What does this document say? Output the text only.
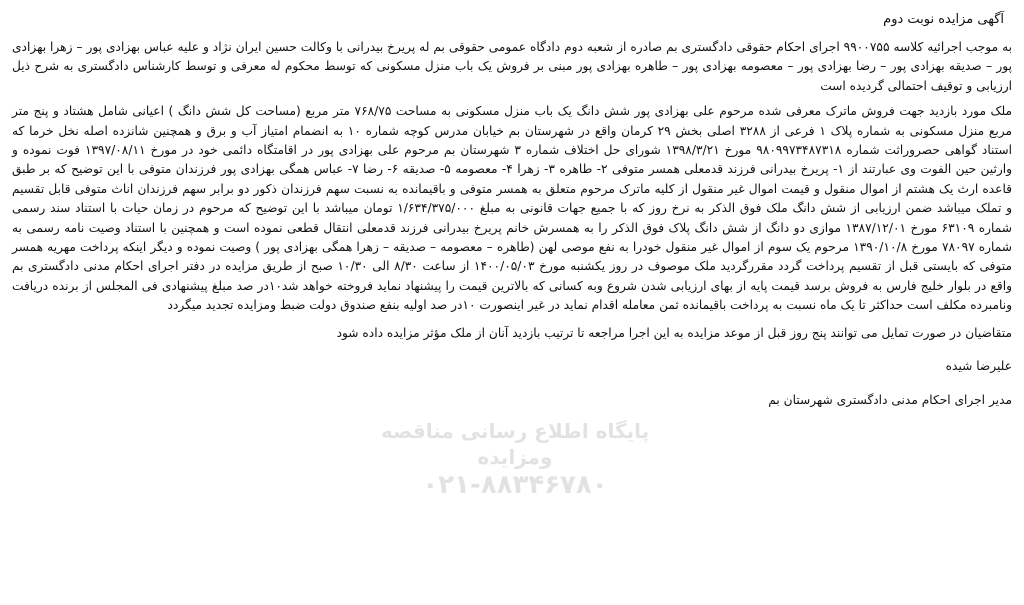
آگهی مزایده نوبت دوم

به موجب اجرائیه کلاسه ۹۹۰۰۷۵۵ اجرای احکام حقوقی دادگستری بم صادره از شعبه دوم دادگاه عمومی حقوقی بم له پریرخ بیدرانی با وکالت حسین ایران نژاد و علیه عباس بهزادی پور – زهرا بهزادی پور – صدیقه بهزادی پور – رضا بهزادی پور – معصومه بهزادی پور – طاهره بهزادی پور مبنی بر فروش یک باب منزل مسکونی که توسط محکوم له معرفی و توسط کارشناس دادگستری به شرح ذیل ارزیابی و توقیف احتمالی گردیده است

ملک مورد بازدید جهت فروش ماترک معرفی شده مرحوم علی بهزادی پور شش دانگ یک باب منزل مسکونی به مساحت ۷۶۸/۷۵ متر مربع (مساحت کل شش دانگ ) اعیانی شامل هشتاد و پنج متر مربع منزل مسکونی به شماره پلاک ۱ فرعی از ۳۲۸۸ اصلی بخش ۲۹ کرمان واقع در شهرستان بم خیابان مدرس کوچه شماره ۱۰ به انضمام امتیاز آب و برق و همچنین شانزده اصله نخل خرما که استناد گواهی حصروراثت شماره ۹۸۰۹۹۷۳۴۸۷۳۱۸ مورخ ۱۳۹۸/۳/۲۱ شورای حل اختلاف شماره ۳ شهرستان بم مرحوم علی بهزادی پور در اقامتگاه دائمی خود در مورخ ۱۳۹۷/۰۸/۱۱ فوت نموده و وارثین حین الفوت وی عبارتند از ۱- پریرخ بیدرانی فرزند قدمعلی همسر متوفی ۲- طاهره ۳- زهرا ۴- معصومه ۵- صدیقه ۶- رضا ۷- عباس همگی بهزادی پور فرزندان متوفی با این توضیح که بر طبق قاعده ارث یک هشتم از اموال منقول و قیمت اموال غیر منقول از کلیه ماترک مرحوم متعلق به همسر متوفی و باقیمانده به نسبت سهم فرزندان ذکور دو برابر سهم فرزندان اناث متوفی قابل تقسیم و تملک میباشد ضمن ارزیابی از شش دانگ ملک فوق الذکر به نرخ روز که با جمیع جهات قانونی به مبلغ ۱/۶۳۴/۳۷۵/۰۰۰ تومان میباشد با این توضیح که مرحوم در زمان حیات با استناد سند رسمی شماره ۶۳۱۰۹ مورخ ۱۳۸۷/۱۲/۰۱ موازی دو دانگ از شش دانگ پلاک فوق الذکر را به همسرش خانم پریرخ بیدرانی فرزند قدمعلی انتقال قطعی نموده است و همچنین با استناد وصیت نامه رسمی به شماره ۷۸۰۹۷ مورخ ۱۳۹۰/۱۰/۸ مرحوم یک سوم از اموال غیر منقول خودرا به نفع موصی لهن (طاهره – معصومه – صدیقه – زهرا همگی بهزادی پور ) وصیت نموده و دیگر اینکه پرداخت مهریه همسر متوفی که بایستی قبل از تقسیم پرداخت گردد مقررگردید ملک موصوف در روز یکشنبه مورخ ۱۴۰۰/۰۵/۰۳ از ساعت ۸/۳۰ الی ۱۰/۳۰ صبح از طریق مزایده در دفتر اجرای احکام مدنی دادگستری بم واقع در بلوار خلیج فارس به فروش برسد قیمت پایه از بهای ارزیابی شدن شروع وبه کسانی که بالاترین قیمت را پیشنهاد نماید فروخته خواهد شد۱۰در صد مبلغ پیشنهادی فی المجلس از برنده دریافت ونامبرده مکلف است حداکثر تا یک ماه نسبت به پرداخت باقیمانده ثمن معامله اقدام نماید در غیر اینصورت ۱۰در صد اولیه بنفع صندوق دولت ضبط ومزایده تجدید میگردد

متقاضیان در صورت تمایل می توانند پنج روز قبل از موعد مزایده به این اجرا مراجعه تا ترتیب بازدید آنان از ملک مؤثر مزایده داده شود
علیرضا شیده
مدیر اجرای احکام مدنی دادگستری شهرستان بم
پایگاه اطلاع رسانی مناقصه ومزایده
۰۲۱-۸۸۳۴۶۷۸۰
